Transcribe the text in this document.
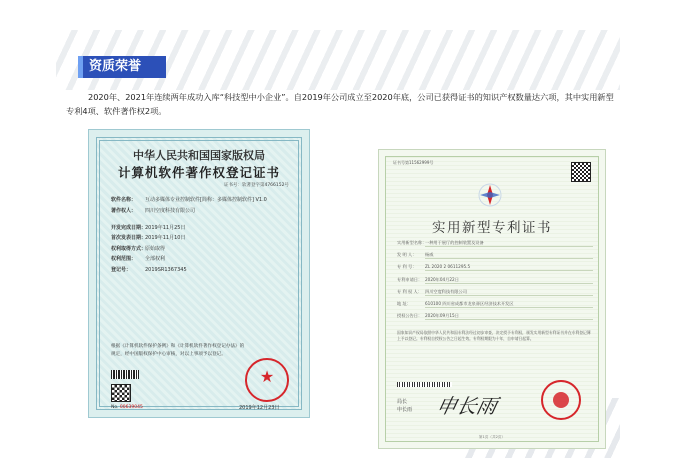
资质荣誉

2020年、2021年连续两年成功入库“科技型中小企业”。自2019年公司成立至2020年底，公司已获得证书的知识产权数量达六项，其中实用新型专利4项、软件著作权2项。

中华人民共和国国家版权局
计算机软件著作权登记证书
证书号：软著登字第4766152号
软件名称：	互动多媒体专业控制软件[简称：多媒体控制软件] V1.0
著作权人：	四川空度科技有限公司
开发完成日期：
2019年11月25日
首次发表日期：
2019年11月10日
权利取得方式：
原始取得
权利范围：	全部权利
登记号：	2019SR1367345
根据《计算机软件保护条例》和《计算机软件著作权登记办法》的
规定，经中国版权保护中心审核，对以上事项予以登记。
No. 00639045
★
2019年12月23日
证书号第11562999号
实用新型专利证书
实用新型名称：
一种用于展厅的控制装置及设备
发 明 人：	杨威
专 利 号：	ZL 2020 2 0611295.5
专利申请日： 2020年04月22日
专 利 权 人： 四川空度科技有限公司
地 址：	610100 四川省成都市龙泉驿区经济技术开发区
授权公告日： 2020年09月15日
国家知识产权局依照中华人民共和国专利法经过初步审查，决定授予专利权，颁发实用新型专利证书并在专利登记簿上予以登记。专利权自授权公告之日起生效。专利权期限为十年，自申请日起算。
局长
申长雨 申长雨
第1页（共2页）
